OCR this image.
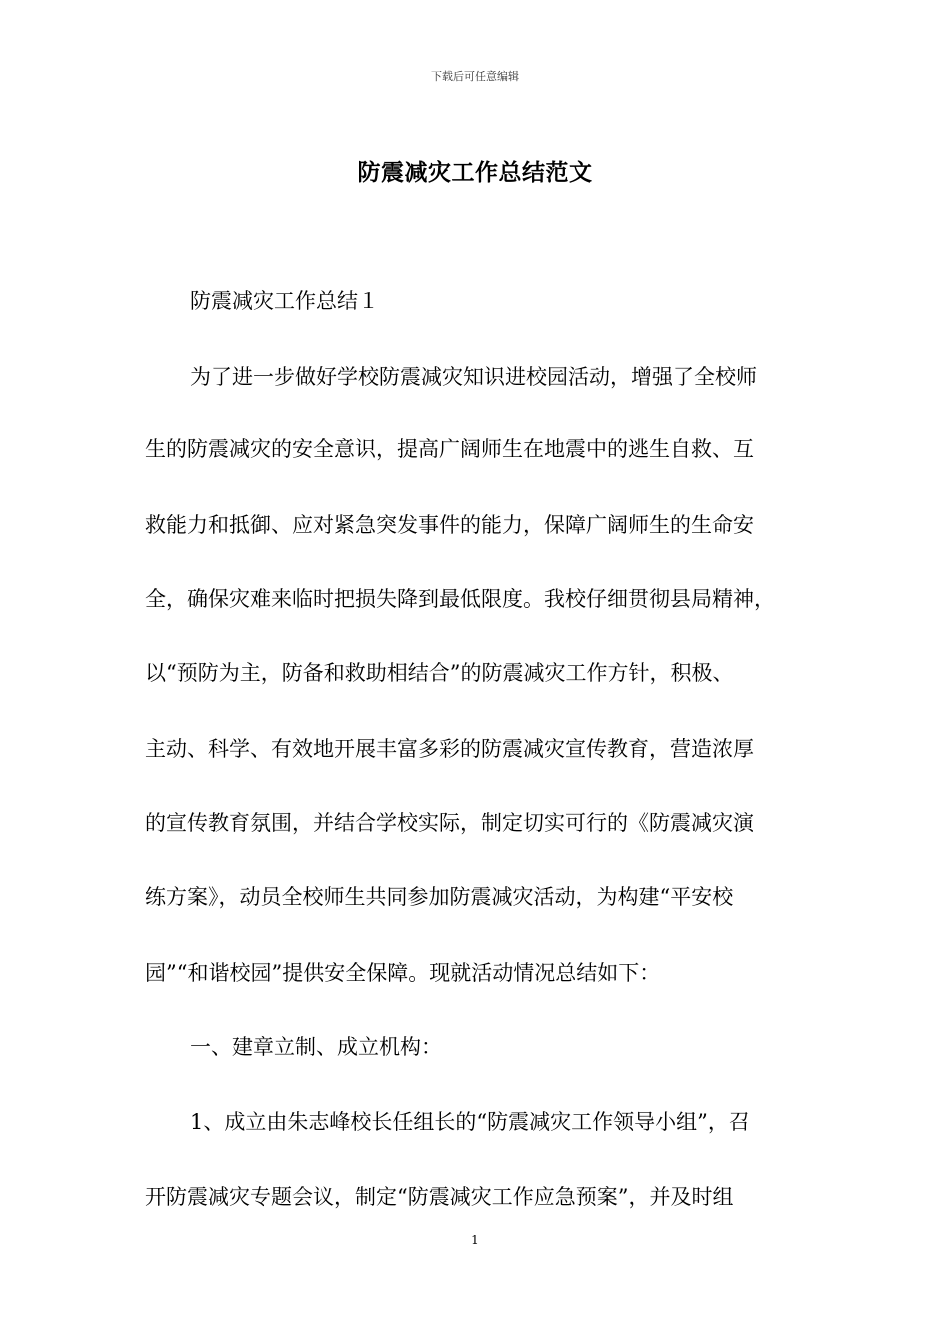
下载后可任意编辑
防震减灾工作总结范文
防震减灾工作总结１
为了进一步做好学校防震减灾知识进校园活动，增强了全校师
生的防震减灾的安全意识，提高广阔师生在地震中的逃生自救、互
救能力和抵御、应对紧急突发事件的能力，保障广阔师生的生命安
全，确保灾难来临时把损失降到最低限度。我校仔细贯彻县局精神，
以“预防为主，防备和救助相结合”的防震减灾工作方针，积极、
主动、科学、有效地开展丰富多彩的防震减灾宣传教育，营造浓厚
的宣传教育氛围，并结合学校实际，制定切实可行的《防震减灾演
练方案》，动员全校师生共同参加防震减灾活动，为构建“平安校
园”“和谐校园”提供安全保障。现就活动情况总结如下：
一、建章立制、成立机构：
1、成立由朱志峰校长任组长的“防震减灾工作领导小组”，召
开防震减灾专题会议，制定“防震减灾工作应急预案”，并及时组
1
